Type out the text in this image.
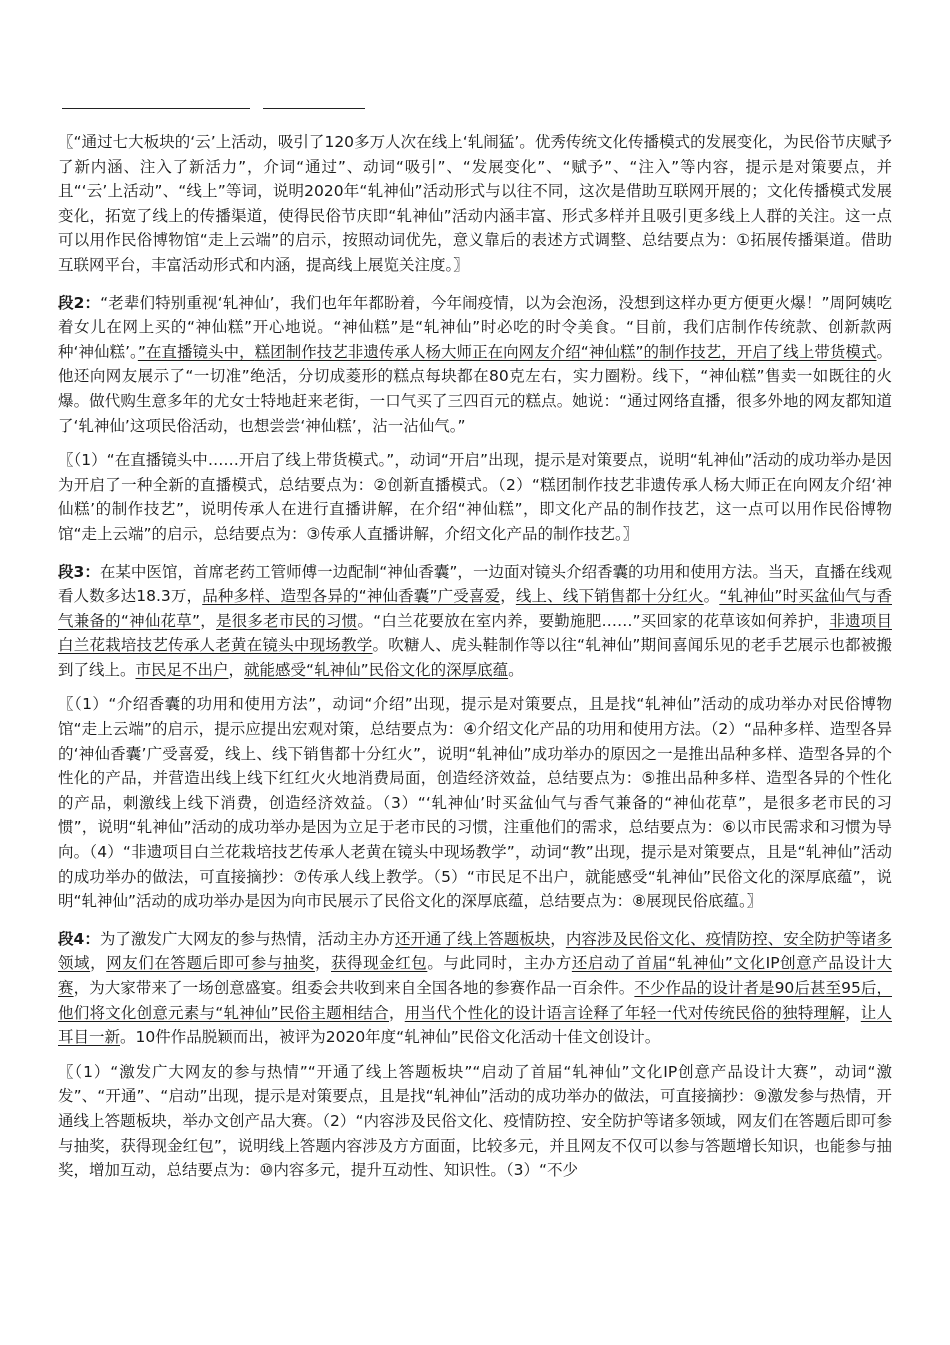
〖“通过七大板块的‘云’上活动，吸引了120多万人次在线上‘轧闹猛’。优秀传统文化传播模式的发展变化，为民俗节庆赋予了新内涵、注入了新活力”，介词“通过”、动词“吸引”、“发展变化”、“赋予”、“注入”等内容，提示是对策要点，并且“‘云’上活动”、“线上”等词，说明2020年“轧神仙”活动形式与以往不同，这次是借助互联网开展的；文化传播模式发展变化，拓宽了线上的传播渠道，使得民俗节庆即“轧神仙”活动内涵丰富、形式多样并且吸引更多线上人群的关注。这一点可以用作民俗博物馆“走上云端”的启示，按照动词优先，意义靠后的表述方式调整、总结要点为：①拓展传播渠道。借助互联网平台，丰富活动形式和内涵，提高线上展览关注度。〗

段2：“老辈们特别重视‘轧神仙’，我们也年年都盼着，今年闹疫情，以为会泡汤，没想到这样办更方便更火爆！”周阿姨吃着女儿在网上买的“神仙糕”开心地说。“神仙糕”是“轧神仙”时必吃的时令美食。“目前，我们店制作传统款、创新款两种‘神仙糕’。”在直播镜头中，糕团制作技艺非遗传承人杨大师正在向网友介绍“神仙糕”的制作技艺，开启了线上带货模式。他还向网友展示了“一切准”绝活，分切成菱形的糕点每块都在80克左右，实力圈粉。线下，“神仙糕”售卖一如既往的火爆。做代购生意多年的尤女士特地赶来老街，一口气买了三四百元的糕点。她说：“通过网络直播，很多外地的网友都知道了‘轧神仙’这项民俗活动，也想尝尝‘神仙糕’，沾一沾仙气。”

〖（1）“在直播镜头中……开启了线上带货模式。”，动词“开启”出现，提示是对策要点，说明“轧神仙”活动的成功举办是因为开启了一种全新的直播模式，总结要点为：②创新直播模式。（2）“糕团制作技艺非遗传承人杨大师正在向网友介绍‘神仙糕’的制作技艺”，说明传承人在进行直播讲解，在介绍“神仙糕”，即文化产品的制作技艺，这一点可以用作民俗博物馆“走上云端”的启示，总结要点为：③传承人直播讲解，介绍文化产品的制作技艺。〗

段3：在某中医馆，首席老药工管师傅一边配制“神仙香囊”，一边面对镜头介绍香囊的功用和使用方法。当天，直播在线观看人数多达18.3万，品种多样、造型各异的“神仙香囊”广受喜爱，线上、线下销售都十分红火。“轧神仙”时买盆仙气与香气兼备的“神仙花草”，是很多老市民的习惯。“白兰花要放在室内养，要勤施肥……”买回家的花草该如何养护，非遗项目白兰花栽培技艺传承人老黄在镜头中现场教学。吹糖人、虎头鞋制作等以往“轧神仙”期间喜闻乐见的老手艺展示也都被搬到了线上。市民足不出户，就能感受“轧神仙”民俗文化的深厚底蕴。

〖（1）“介绍香囊的功用和使用方法”，动词“介绍”出现，提示是对策要点，且是找“轧神仙”活动的成功举办对民俗博物馆“走上云端”的启示，提示应提出宏观对策，总结要点为：④介绍文化产品的功用和使用方法。（2）“品种多样、造型各异的‘神仙香囊’广受喜爱，线上、线下销售都十分红火”，说明“轧神仙”成功举办的原因之一是推出品种多样、造型各异的个性化的产品，并营造出线上线下红红火火地消费局面，创造经济效益，总结要点为：⑤推出品种多样、造型各异的个性化的产品，刺激线上线下消费，创造经济效益。（3）“‘轧神仙’时买盆仙气与香气兼备的“神仙花草”，是很多老市民的习惯”，说明“轧神仙”活动的成功举办是因为立足于老市民的习惯，注重他们的需求，总结要点为：⑥以市民需求和习惯为导向。（4）“非遗项目白兰花栽培技艺传承人老黄在镜头中现场教学”，动词“教”出现，提示是对策要点，且是“轧神仙”活动的成功举办的做法，可直接摘抄：⑦传承人线上教学。（5）“市民足不出户，就能感受“轧神仙”民俗文化的深厚底蕴”，说明“轧神仙”活动的成功举办是因为向市民展示了民俗文化的深厚底蕴，总结要点为：⑧展现民俗底蕴。〗

段4：为了激发广大网友的参与热情，活动主办方还开通了线上答题板块，内容涉及民俗文化、疫情防控、安全防护等诸多领域，网友们在答题后即可参与抽奖，获得现金红包。与此同时，主办方还启动了首届“轧神仙”文化IP创意产品设计大赛，为大家带来了一场创意盛宴。组委会共收到来自全国各地的参赛作品一百余件。不少作品的设计者是90后甚至95后，他们将文化创意元素与“轧神仙”民俗主题相结合，用当代个性化的设计语言诠释了年轻一代对传统民俗的独特理解，让人耳目一新。10件作品脱颖而出，被评为2020年度“轧神仙”民俗文化活动十佳文创设计。

〖（1）“激发广大网友的参与热情”“开通了线上答题板块”“启动了首届“轧神仙”文化IP创意产品设计大赛”，动词“激发”、“开通”、“启动”出现，提示是对策要点，且是找“轧神仙”活动的成功举办的做法，可直接摘抄：⑨激发参与热情，开通线上答题板块，举办文创产品大赛。（2）“内容涉及民俗文化、疫情防控、安全防护等诸多领域，网友们在答题后即可参与抽奖，获得现金红包”，说明线上答题内容涉及方方面面，比较多元，并且网友不仅可以参与答题增长知识，也能参与抽奖，增加互动，总结要点为：⑩内容多元，提升互动性、知识性。（3）“不少
